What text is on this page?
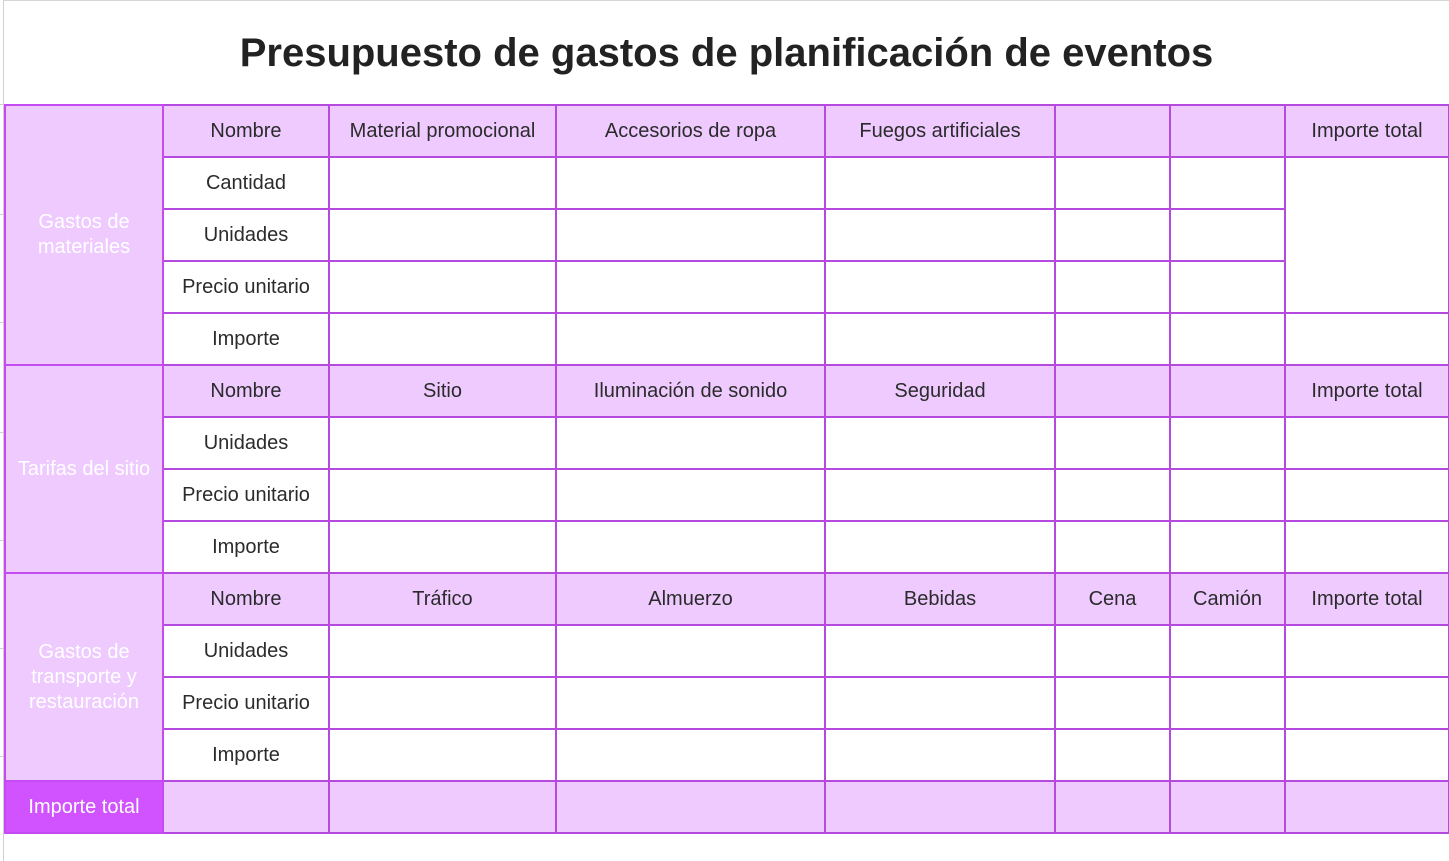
Presupuesto de gastos de planificación de eventos
Gastos de materiales	Nombre	Material promocional	Accesorios de ropa	Fuegos artificiales			Importe total
	Cantidad						
	Unidades						
	Precio unitario						
	Importe						
Tarifas del sitio	Nombre	Sitio	Iluminación de sonido	Seguridad			Importe total
	Unidades						
	Precio unitario						
	Importe						
Gastos de transporte y restauración	Nombre	Tráfico	Almuerzo	Bebidas	Cena	Camión	Importe total
	Unidades						
	Precio unitario						
	Importe						
Importe total							
